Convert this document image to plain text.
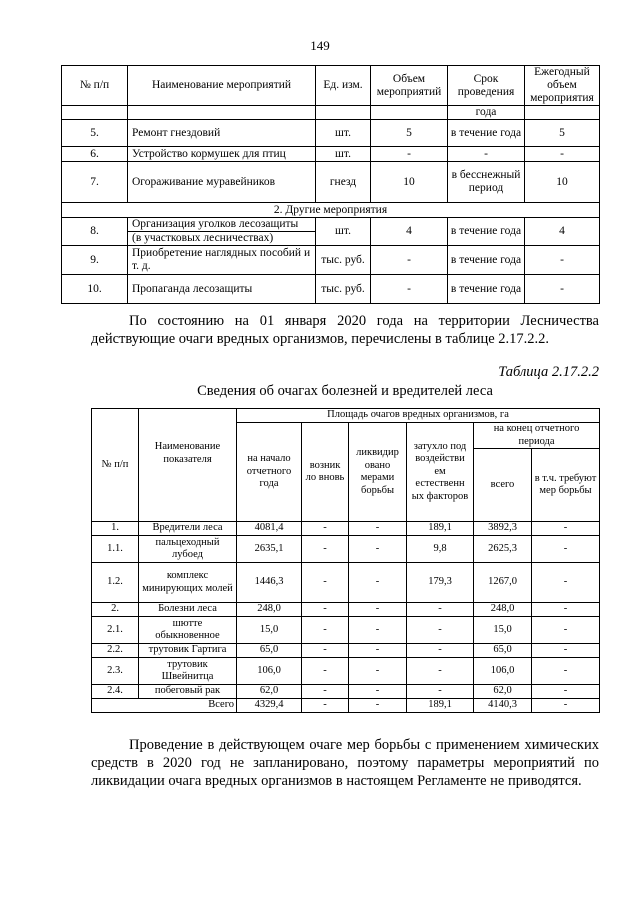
149
№ п/п	Наименование мероприятий	Ед. изм.	Объем мероприятий	Срок проведения	Ежегодный объем мероприятия
				года	
5.	Ремонт гнездовий	шт.	5	в течение года	5
6.	Устройство кормушек для птиц	шт.	-	-	-
7.	Огораживание муравейников	гнезд	10	в бесснежный период	10
2. Другие мероприятия					
8.	Организация уголков лесозащиты	шт.	4	в течение года	4
	(в участковых лесничествах)				
9.	Приобретение наглядных пособий и т. д.	тыс. руб.	-	в течение года	-
10.	Пропаганда лесозащиты	тыс. руб.	-	в течение года	-
По состоянию на 01 января 2020 года на территории Лесничества действующие очаги вредных организмов, перечислены в таблице 2.17.2.2.
Таблица 2.17.2.2
Сведения об очагах болезней и вредителей леса
№ п/п	Наименование показателя	Площадь очагов вредных организмов, га					
		на начало отчетного года	возник ло вновь	ликвидир овано мерами борьбы	затухло под воздействи ем естественн ых факторов	на конец отчетного периода	
						всего	в т.ч. требуют мер борьбы
1.	Вредители леса	4081,4	-	-	189,1	3892,3	-
1.1.	пальцеходный лубоед	2635,1	-	-	9,8	2625,3	-
1.2.	комплекс минирующих молей	1446,3	-	-	179,3	1267,0	-
2.	Болезни леса	248,0	-	-	-	248,0	-
2.1.	шютте обыкновенное	15,0	-	-	-	15,0	-
2.2.	трутовик Гартига	65,0	-	-	-	65,0	-
2.3.	трутовик Швейнитца	106,0	-	-	-	106,0	-
2.4.	побеговый рак	62,0	-	-	-	62,0	-
	Всего	4329,4	-	-	189,1	4140,3	-
Проведение в действующем очаге мер борьбы с применением химических средств в 2020 год не запланировано, поэтому параметры мероприятий по ликвидации очага вредных организмов в настоящем Регламенте не приводятся.
